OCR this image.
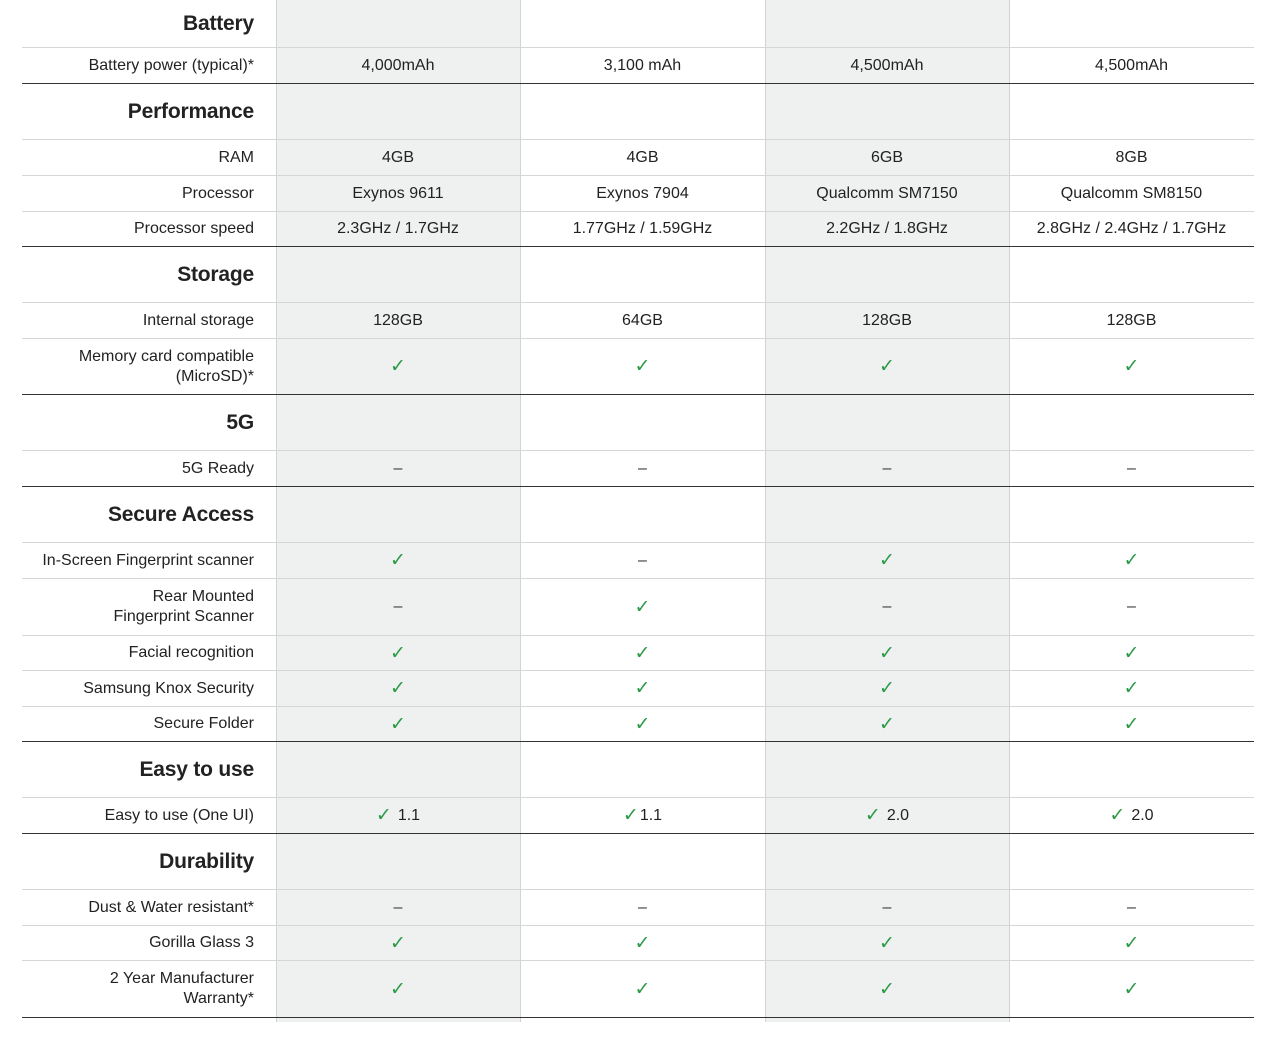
Battery
Battery power (typical)*	4,000mAh	3,100 mAh	4,500mAh	4,500mAh
Performance
RAM	4GB	4GB	6GB	8GB
Processor	Exynos 9611	Exynos 7904	Qualcomm SM7150	Qualcomm SM8150
Processor speed	2.3GHz / 1.7GHz	1.77GHz / 1.59GHz	2.2GHz / 1.8GHz	2.8GHz / 2.4GHz / 1.7GHz
Storage
Internal storage	128GB	64GB	128GB	128GB
Memory card compatible
(MicroSD)*	✓	✓	✓	✓
5G
5G Ready	–	–	–	–
Secure Access
In-Screen Fingerprint scanner	✓	–	✓	✓
Rear Mounted
Fingerprint Scanner
–	✓	–	–
Facial recognition	✓	✓	✓	✓
Samsung Knox Security	✓	✓	✓	✓
Secure Folder	✓	✓	✓	✓
Easy to use
Easy to use (One UI)	✓ 1.1	✓ 1.1	✓ 2.0	✓ 2.0
Durability
Dust & Water resistant*	–	–	–	–
Gorilla Glass 3	✓	✓	✓	✓
2 Year Manufacturer
Warranty*	✓	✓	✓	✓
